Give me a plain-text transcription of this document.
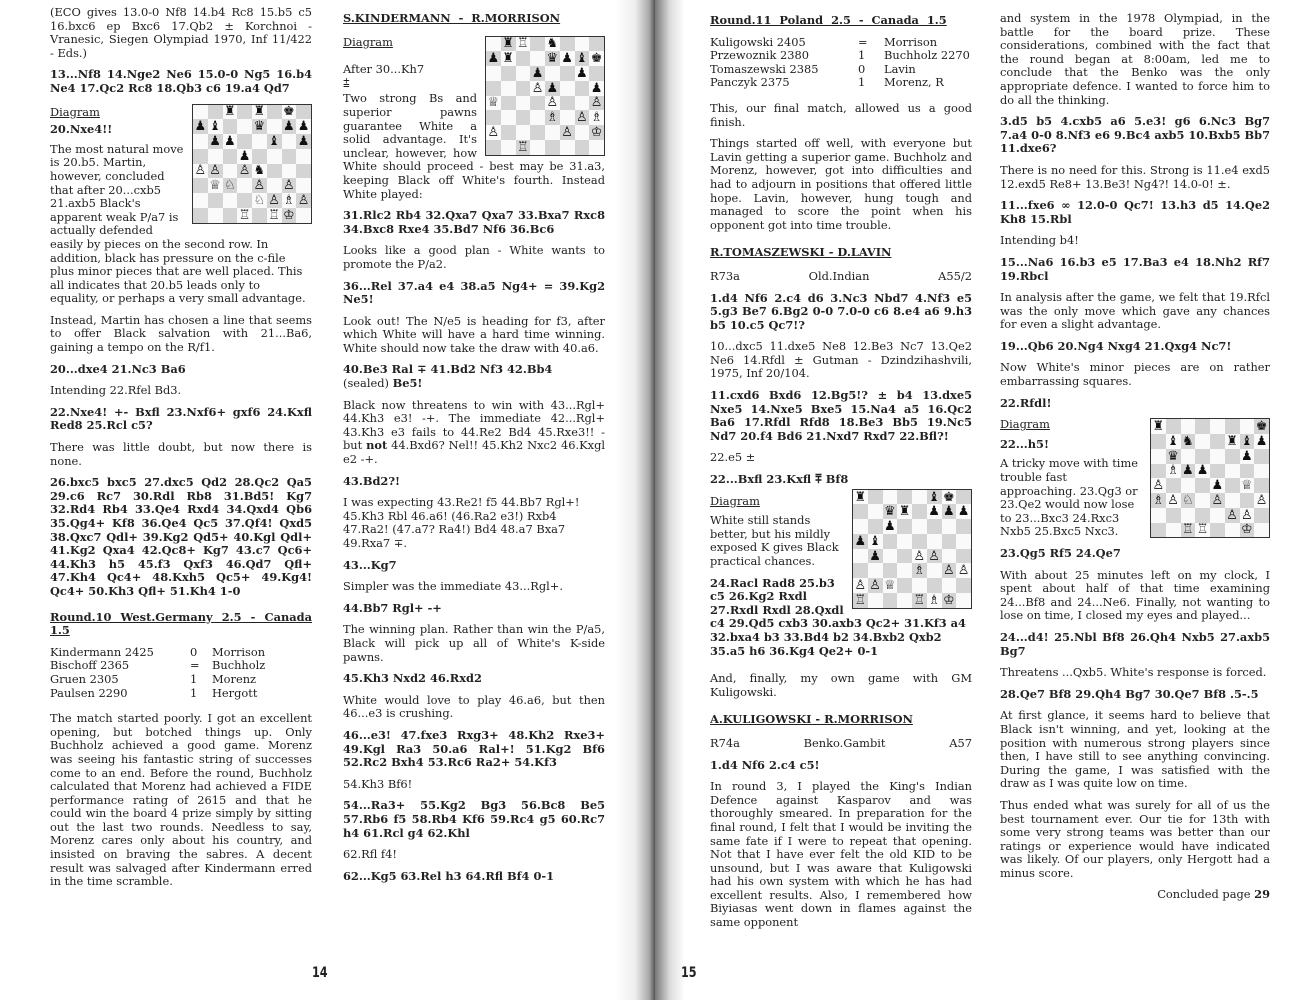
(ECO gives 13.0-0 Nf8 14.b4 Rc8 15.b5 c5 16.bxc6 ep Bxc6 17.Qb2 ± Korchnoi - Vranesic, Siegen Olympiad 1970, Inf 11/422 - Eds.)

13...Nf8 14.Nge2 Ne6 15.0-0 Ng5 16.b4 Ne4 17.Qc2 Rc8 18.Qb3 c6 19.a4 Qd7

♜ ♜ ♚
♟ ♝	♛ ♟ ♟
♟ ♟	♝ ♟
♟
♙ ♙ ♙ ♞
♕ ♘ ♙ ♙
♘ ♙ ♗ ♙
♖ ♖ ♔

Diagram

20.Nxe4!!

The most natural move is 20.b5. Martin, however, concluded that after 20...cxb5 21.axb5 Black's apparent weak P/a7 is actually defended easily by pieces on the second row. In addition, black has pressure on the c-file plus minor pieces that are well placed. This all indicates that 20.b5 leads only to equality, or perhaps a very small advantage.

Instead, Martin has chosen a line that seems to offer Black salvation with 21...Ba6, gaining a tempo on the R/f1.

20...dxe4 21.Nc3 Ba6

Intending 22.Rfel Bd3.

22.Nxe4! +- Bxfl 23.Nxf6+ gxf6 24.Kxfl Red8 25.Rcl c5?

There was little doubt, but now there is none.

26.bxc5 bxc5 27.dxc5 Qd2 28.Qc2 Qa5 29.c6 Rc7 30.Rdl Rb8 31.Bd5! Kg7 32.Rd4 Rb4 33.Qe4 Rxd4 34.Qxd4 Qb6 35.Qg4+ Kf8 36.Qe4 Qc5 37.Qf4! Qxd5 38.Qxc7 Qdl+ 39.Kg2 Qd5+ 40.Kgl Qdl+ 41.Kg2 Qxa4 42.Qc8+ Kg7 43.c7 Qc6+ 44.Kh3 h5 45.f3 Qxf3 46.Qd7 Qfl+ 47.Kh4 Qc4+ 48.Kxh5 Qc5+ 49.Kg4! Qc4+ 50.Kh3 Qfl+ 51.Kh4 1-0

Round.10 West.Germany 2.5 - Canada 1.5

Kindermann 2425	0	Morrison
Bischoff 2365	=	Buchholz
Gruen 2305	1	Morenz
Paulsen 2290	1	Hergott

The match started poorly. I got an excellent opening, but botched things up. Only Buchholz achieved a good game. Morenz was seeing his fantastic string of successes come to an end. Before the round, Buchholz calculated that Morenz had achieved a FIDE performance rating of 2615 and that he could win the board 4 prize simply by sitting out the last two rounds. Needless to say, Morenz cares only about his country, and insisted on braving the sabres. A decent result was salvaged after Kindermann erred in the time scramble.

S.KINDERMANN  -  R.MORRISON

♜ ♖ ♞
♟ ♜	♛ ♟ ♝ ♚
♟	♟
♙ ♟	♟
♕	♙	♙
♗ ♙ ♗
♙	♙ ♔
♖

Diagram

After 30...Kh7

⩲

Two strong Bs and superior pawns guarantee White a solid advantage. It's unclear, however, how White should proceed - best may be 31.a3, keeping Black off White's fourth. Instead White played:

31.Rlc2 Rb4 32.Qxa7 Qxa7 33.Bxa7 Rxc8 34.Bxc8 Rxe4 35.Bd7 Nf6 36.Bc6

Looks like a good plan - White wants to promote the P/a2.

36...Rel 37.a4 e4 38.a5 Ng4+ = 39.Kg2 Ne5!

Look out! The N/e5 is heading for f3, after which White will have a hard time winning. White should now take the draw with 40.a6.

40.Be3 Ral ∓ 41.Bd2 Nf3 42.Bb4
(sealed) Be5!

Black now threatens to win with 43...Rgl+ 44.Kh3 e3! -+. The immediate 42...Rgl+ 43.Kh3 e3 fails to 44.Re2 Bd4 45.Rxe3!! - but not 44.Bxd6? Nel!! 45.Kh2 Nxc2 46.Kxgl e2 -+.

43.Bd2?!

I was expecting 43.Re2! f5 44.Bb7 Rgl+! 45.Kh3 Rbl 46.a6! (46.Ra2 e3!) Rxb4 47.Ra2! (47.a7? Ra4!) Bd4 48.a7 Bxa7 49.Rxa7 ∓.

43...Kg7

Simpler was the immediate 43...Rgl+.

44.Bb7 Rgl+ -+

The winning plan. Rather than win the P/a5, Black will pick up all of White's K-side pawns.

45.Kh3 Nxd2 46.Rxd2

White would love to play 46.a6, but then 46...e3 is crushing.

46...e3! 47.fxe3 Rxg3+ 48.Kh2 Rxe3+ 49.Kgl Ra3 50.a6 Ral+! 51.Kg2 Bf6 52.Rc2 Bxh4 53.Rc6 Ra2+ 54.Kf3

54.Kh3 Bf6!

54...Ra3+ 55.Kg2 Bg3 56.Bc8 Be5 57.Rb6 f5 58.Rb4 Kf6 59.Rc4 g5 60.Rc7 h4 61.Rcl g4 62.Khl

62.Rfl f4!

62...Kg5 63.Rel h3 64.Rfl Bf4 0-1

14

Round.11  Poland  2.5  -  Canada  1.5

Kuligowski 2405	=	Morrison
Przewoznik 2380	1	Buchholz 2270
Tomaszewski 2385	0	Lavin
Panczyk 2375	1	Morenz, R

This, our final match, allowed us a good finish.

Things started off well, with everyone but Lavin getting a superior game. Buchholz and Morenz, however, got into difficulties and had to adjourn in positions that offered little hope. Lavin, however, hung tough and managed to score the point when his opponent got into time trouble.

R.TOMASZEWSKI - D.LAVIN

R73a	Old.Indian	A55/2

1.d4 Nf6 2.c4 d6 3.Nc3 Nbd7 4.Nf3 e5 5.g3 Be7 6.Bg2 0-0 7.0-0 c6 8.e4 a6 9.h3 b5 10.c5 Qc7!?

10...dxc5 11.dxe5 Ne8 12.Be3 Nc7 13.Qe2 Ne6 14.Rfdl ± Gutman - Dzindzihashvili, 1975, Inf 20/104.

11.cxd6 Bxd6 12.Bg5!? ± b4 13.dxe5 Nxe5 14.Nxe5 Bxe5 15.Na4 a5 16.Qc2 Ba6 17.Rfdl Rfd8 18.Be3 Bb5 19.Nc5 Nd7 20.f4 Bd6 21.Nxd7 Rxd7 22.Bfl?!

22.e5 ±

22...Bxfl 23.Kxfl ⩱ Bf8

♜	♝ ♚
♛ ♜ ♟ ♟ ♟
♟
♟ ♝
♟	♙ ♙
♗ ♙ ♙
♙ ♙ ♕
♖	♖ ♗ ♔

Diagram

White still stands better, but his mildly exposed K gives Black practical chances.

24.Racl Rad8 25.b3 c5 26.Kg2 Rxdl 27.Rxdl Rxdl 28.Qxdl c4 29.Qd5 cxb3 30.axb3 Qc2+ 31.Kf3 a4 32.bxa4 b3 33.Bd4 b2 34.Bxb2 Qxb2 35.a5 h6 36.Kg4 Qe2+ 0-1

And, finally, my own game with GM Kuligowski.

A.KULIGOWSKI - R.MORRISON

R74a	Benko.Gambit	A57

1.d4 Nf6 2.c4 c5!

In round 3, I played the King's Indian Defence against Kasparov and was thoroughly smeared. In preparation for the final round, I felt that I would be inviting the same fate if I were to repeat that opening. Not that I have ever felt the old KID to be unsound, but I was aware that Kuligowski had his own system with which he has had excellent results. Also, I remembered how Biyiasas went down in flames against the same opponent

and system in the 1978 Olympiad, in the battle for the board prize. These considerations, combined with the fact that the round began at 8:00am, led me to conclude that the Benko was the only appropriate defence. I wanted to force him to do all the thinking.

3.d5 b5 4.cxb5 a6 5.e3! g6 6.Nc3 Bg7 7.a4 0-0 8.Nf3 e6 9.Bc4 axb5 10.Bxb5 Bb7 11.dxe6?

There is no need for this. Strong is 11.e4 exd5 12.exd5 Re8+ 13.Be3! Ng4?! 14.0-0! ±.

11...fxe6 ∞ 12.0-0 Qc7! 13.h3 d5 14.Qe2 Kh8 15.Rbl

Intending b4!

15...Na6 16.b3 e5 17.Ba3 e4 18.Nh2 Rf7 19.Rbcl

In analysis after the game, we felt that 19.Rfcl was the only move which gave any chances for even a slight advantage.

19...Qb6 20.Ng4 Nxg4 21.Qxg4 Nc7!

Now White's minor pieces are on rather embarrassing squares.

22.Rfdl!

♜	♚
♝ ♞	♜ ♝ ♟
♛	♟
♗ ♟ ♟
♙	♟ ♕
♗ ♙ ♘ ♙	♙
♙ ♙
♖ ♖	♔

Diagram

22...h5!

A tricky move with time trouble fast approaching. 23.Qg3 or 23.Qe2 would now lose to 23...Bxc3 24.Rxc3 Nxb5 25.Bxc5 Nxc3.

23.Qg5 Rf5 24.Qe7

With about 25 minutes left on my clock, I spent about half of that time examining 24...Bf8 and 24...Ne6. Finally, not wanting to lose on time, I closed my eyes and played...

24...d4! 25.Nbl Bf8 26.Qh4 Nxb5 27.axb5 Bg7

Threatens ...Qxb5. White's response is forced.

28.Qe7 Bf8 29.Qh4 Bg7 30.Qe7 Bf8 .5-.5

At first glance, it seems hard to believe that Black isn't winning, and yet, looking at the position with numerous strong players since then, I have still to see anything convincing. During the game, I was satisfied with the draw as I was quite low on time.

Thus ended what was surely for all of us the best tournament ever. Our tie for 13th with some very strong teams was better than our ratings or experience would have indicated was likely. Of our players, only Hergott had a minus score.

Concluded page 29

15
